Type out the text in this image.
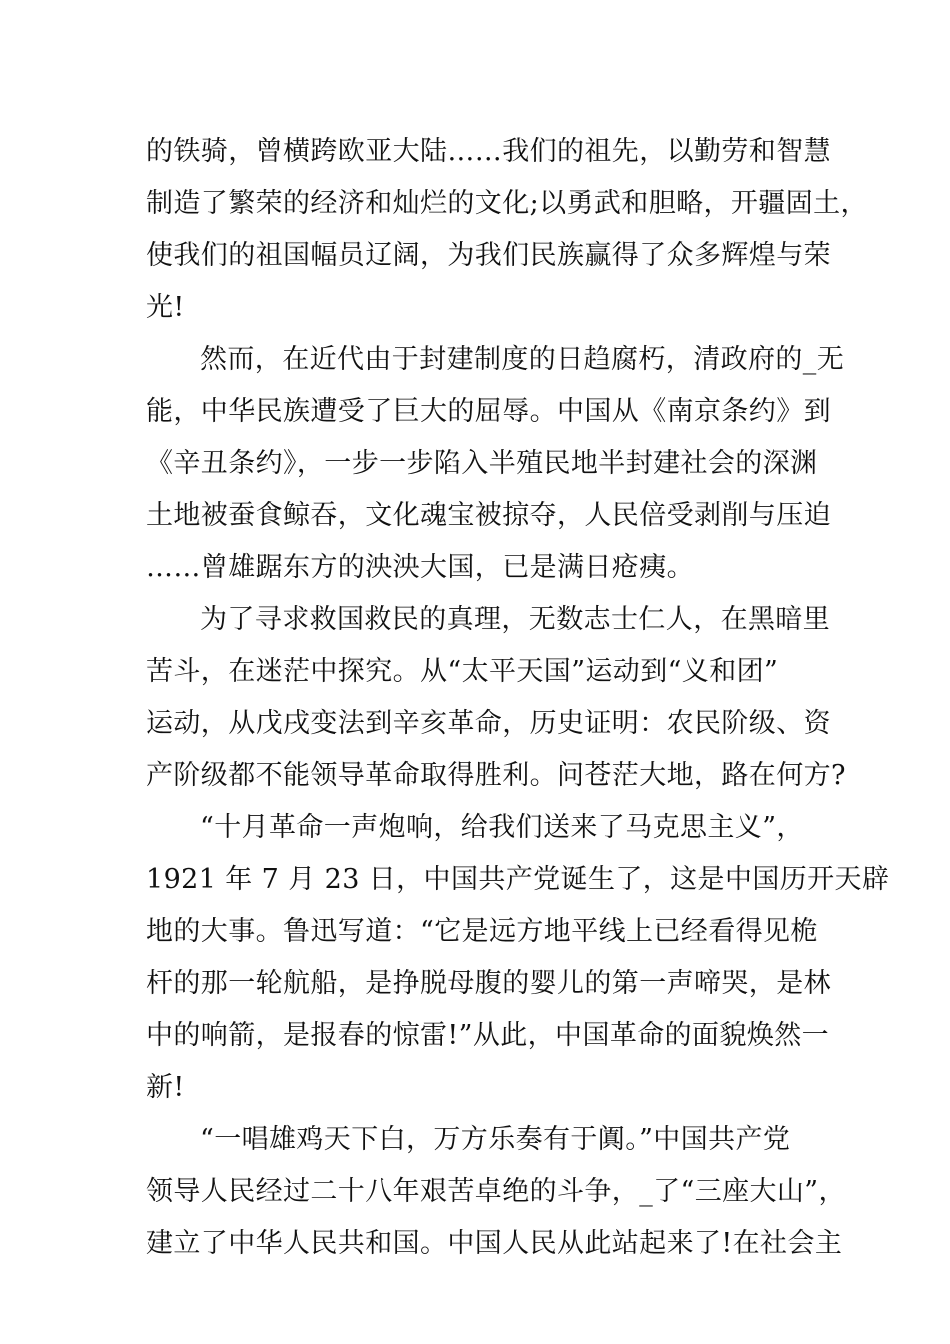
的铁骑，曾横跨欧亚大陆……我们的祖先，以勤劳和智慧
制造了繁荣的经济和灿烂的文化;以勇武和胆略，开疆固土，
使我们的祖国幅员辽阔，为我们民族赢得了众多辉煌与荣
光!
然而，在近代由于封建制度的日趋腐朽，清政府的_无
能，中华民族遭受了巨大的屈辱。中国从《南京条约》到
《辛丑条约》，一步一步陷入半殖民地半封建社会的深渊
土地被蚕食鲸吞，文化魂宝被掠夺，人民倍受剥削与压迫
……曾雄踞东方的泱泱大国，已是满日疮痍。
为了寻求救国救民的真理，无数志士仁人，在黑暗里
苦斗，在迷茫中探究。从“太平天国”运动到“义和团”
运动，从戊戌变法到辛亥革命，历史证明：农民阶级、资
产阶级都不能领导革命取得胜利。问苍茫大地，路在何方?
“十月革命一声炮响，给我们送来了马克思主义”，
1921 年 7 月 23 日，中国共产党诞生了，这是中国历开天辟
地的大事。鲁迅写道：“它是远方地平线上已经看得见桅
杆的那一轮航船，是挣脱母腹的婴儿的第一声啼哭，是林
中的响箭，是报春的惊雷!”从此，中国革命的面貌焕然一
新!
“一唱雄鸡天下白，万方乐奏有于阗。”中国共产党
领导人民经过二十八年艰苦卓绝的斗争，_了“三座大山”，
建立了中华人民共和国。中国人民从此站起来了!在社会主
